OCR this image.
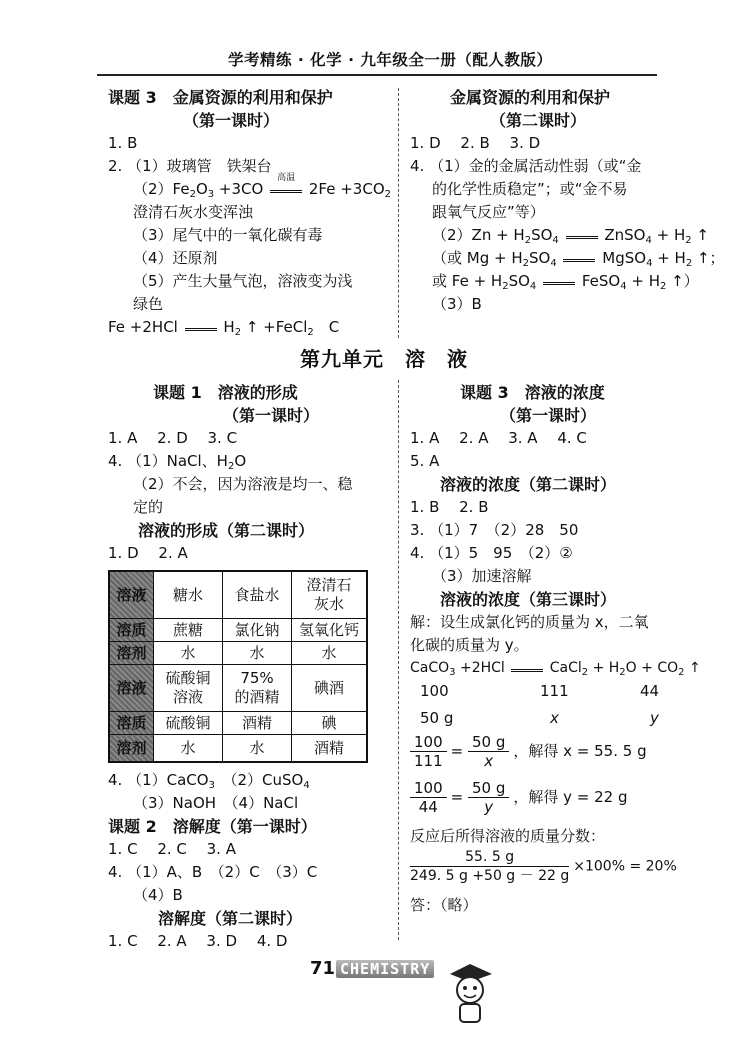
学考精练 · 化学 · 九年级全一册（配人教版）
课题 3　金属资源的利用和保护
（第一课时）
1. B
2. （1）玻璃管　铁架台
$(2)Fe_2O_3 +3CO$
高温
$2Fe +3CO_2$
澄清石灰水变浑浊
（3）尾气中的一氧化碳有毒
（4）还原剂
（5）产生大量气泡，溶液变为浅
绿色
Fe +2HCl	$H_2$ ↑ +FeCl$_2$　C
金属资源的利用和保护
（第二课时）
1. D　 2. B　 3. D
4. （1）金的金属活动性弱（或“金
的化学性质稳定”；或“金不易
跟氧气反应”等）
$(2)Zn + H_2SO_4$	ZnSO$_4$ + $H_2$ ↑
（或 $Mg + H_2SO_4$	MgSO$_4$ + $H_2$ ↑；
或 $Fe + H_2SO_4$	FeSO$_4$ + $H_2$ ↑）
（3）B
第九单元　溶　液
课题 1　溶液的形成
（第一课时）
1. A　 2. D　 3. C
4. （1）NaCl、$H_2O$
（2）不会，因为溶液是均一、稳
定的
溶液的形成（第二课时）
1. D　 2. A
溶液	糖水	食盐水	澄清石灰水

溶质	蔗糖	氯化钠	氢氧化钙
溶剂	水	水	水
溶液	硫酸铜溶液	75%的酒精	碘酒
溶质	硫酸铜	酒精	碘
溶剂	水	水	酒精
4. （1）CaCO$_3$　（2）CuSO$_4$
（3）NaOH　（4）NaCl
课题 2　溶解度（第一课时）
1. C　 2. C　 3. A
4. （1）A、B　（2）C　（3）C
（4）B
溶解度（第二课时）
1. C　 2. A　 3. D　 4. D
课题 3　溶液的浓度
（第一课时）
1. A　 2. A　 3. A　 4. C
5. A
溶液的浓度（第二课时）
1. B　 2. B
3. （1）7　（2）28　50
4. （1）5　95　（2）②
（3）加速溶解
溶液的浓度（第三课时）
解：设生成氯化钙的质量为 x，二氧
化碳的质量为 y。
CaCO$_3$ +2HCl	CaCl$_2$ + $H_2O + CO_2$ ↑
100	111	44
50 g	x	y
$\frac{100}{111} = \frac{50 g}{x}$ ，解得 x = 55. 5 g
$\frac{100}{44} = \frac{50 g}{y}$ ，解得 y = 22 g
反应后所得溶液的质量分数：
$\frac{55. 5 g}{249. 5 g +50 g - 22 g} \times 100\% = 20\%$
答：（略）
71 CHEMISTRY
